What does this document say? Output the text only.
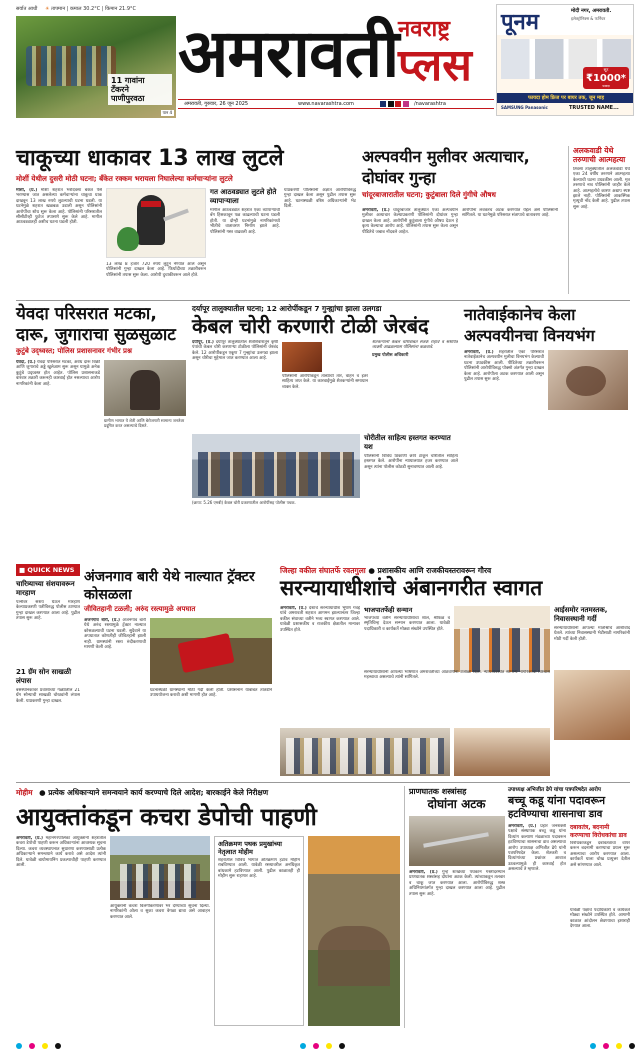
सर्वात आधी ☀ तापमान | कमाल 30.2°C | किमान 21.9°C
11 गावांना
टॅंकरने
पाणीपुरवठा
पान 4
अमरावती नवराष्ट्र
प्लस
पूनम	मोदी नगर, अमरावती.
इलेक्ट्रॉनिक्स & फर्निचर
सूट
₹1000*
फायदा
फायदा होम फ्रिज पर बायर तक, जून माह
SAMSUNG Panasonic	TRUSTED NAME...
अमरावती, गुरुवार, 26 जून 2025	www.navarashtra.com
	/navarashtra
चाकूच्या धाकावर 13 लाख लुटले
मोर्शी येथील दुसरी मोठी घटना; बॅंकेत रक्कम भरायला निघालेल्या कर्मचाऱ्यांना लुटले
मोर्शी, (प्र.) मोर्शी शहरात भरदिवसा बॅंकेत पैसे भरण्यास जात असलेल्या कर्मचाऱ्यांना चाकूचा धाक दाखवून 13 लाख रुपये लुटल्याची घटना घडली. या घटनेमुळे शहरात खळबळ उडाली असून पोलिसांनी आरोपींचा शोध सुरू केला आहे. पोलिसांनी परिसरातील सीसीटीव्ही फुटेज तपासणे सुरू केले आहे. मागील आठवड्यातही अशीच घटना घडली होती.
13 लाख 8 हजार 720 रुपये लुटून नेण्यात आले असून पोलिसांनी गुन्हा दाखल केला आहे. फिर्यादीच्या तक्रारीवरून पोलिसांनी तपास सुरू केला. आरोपी दुचाकीवरून आले होते.
गत आठवड्यात लुटले होते व्यापाऱ्याला
मागील आठवड्यात शहरात एका व्यापाऱ्याची बॅग हिसकावून पळ काढल्याची घटना घडली होती. या दोन्ही घटनांमुळे नागरिकांमध्ये भीतीचे वातावरण निर्माण झाले आहे. पोलिसांनी गस्त वाढवली आहे.
याप्रकरणी पोलिसांनी अज्ञात आरोपींविरुद्ध गुन्हा दाखल केला असून पुढील तपास सुरू आहे. घटनास्थळी वरिष्ठ अधिकाऱ्यांनी भेट दिली.
अल्पवयीन मुलीवर अत्याचार, दोघांवर गुन्हा
चांदूरबाजारातील घटना; कुटुंबाला दिले गुंगीचे औषध
अमरावती, (प्र.) चांदूरबाजार तालुक्यात एका अल्पवयीन मुलीवर अत्याचार केल्याप्रकरणी पोलिसांनी दोघांवर गुन्हा दाखल केला आहे. आरोपींनी कुटुंबाला गुंगीचे औषध देऊन हे कृत्य केल्याचा आरोप आहे. पोलिसांनी तपास सुरू केला असून पीडितेचे जबाब नोंदवले आहेत.
आरोपींना लवकरच अटक करण्यात येईल असे पोलिसांनी सांगितले. या घटनेमुळे परिसरात संतापाचे वातावरण आहे.
अलकवाडी येथे तरुणाची आत्महत्या
तिवसा तालुक्यातील अलकवाडी येथे एका 24 वर्षीय तरुणाने आत्महत्या केल्याची घटना उघडकीस आली. मृत तरुणाचे नाव पोलिसांनी जाहीर केले आहे. आत्महत्येचे कारण अद्याप स्पष्ट झाले नाही. पोलिसांनी आकस्मिक मृत्यूची नोंद केली आहे. पुढील तपास सुरू आहे.
दर्यापूर तालुक्यातील घटना; 12 आरोपींकडून 7 गुन्ह्यांचा झाला उलगडा
केबल चोरी करणारी टोळी जेरबंद
दर्यापूर, (प्र.) दर्यापूर तालुक्यातील शेतशिवारातून कृषी पंपांची केबल चोरी करणाऱ्या टोळीला पोलिसांनी जेरबंद केले. 12 आरोपींकडून एकूण 7 गुन्ह्यांचा उलगडा झाला असून चोरीचा मुद्देमाल जप्त करण्यात आला आहे.
पोलिसांनी आरोपींकडून तांब्याची तार, वाहन व इतर साहित्य जप्त केले. या कारवाईमुळे शेतकऱ्यांनी समाधान व्यक्त केले.
शेतकऱ्यांनी केबल चोरीबाबत सतर्क राहावे व संशयित व्यक्ती आढळल्यास पोलिसांना कळवावे.
प्रमुख पोलीस अधिकारी
(छाया: 5.26 एमबी) केबल चोरी प्रकरणातील आरोपींसह पोलीस पथक.
चोरीतील साहित्य हस्तगत करण्यात यश
पोलिसांनी विविध ठिकाणी छापे टाकून चोरीतील साहित्य हस्तगत केले. आरोपींना न्यायालयात हजर करण्यात आले असून त्यांना पोलीस कोठडी सुनावण्यात आली आहे.
येवदा परिसरात मटका,
दारू, जुगाराचा सुळसुळाट
कुटुंबे उद्ध्वस्त; पोलिस प्रशासनावर गंभीर प्रश्न
येवदा, (प्र.) येवदा परिसरात मटका, अवैध दारू विक्री आणि जुगाराचे अड्डे खुलेआम सुरू असून यामुळे अनेक कुटुंबे उद्ध्वस्त होत आहेत. पोलिस प्रशासनाकडे वारंवार तक्रारी करूनही कारवाई होत नसल्याचा आरोप नागरिकांनी केला आहे.
ग्रामीण भागात ये शेती आणि बेरोजगारी सामान्य जनतेवर प्रदूषित करत असल्याचे दिसते.
नातेवाईकानेच केला अल्पवयीनचा विनयभंग
अमरावती, (प्र.) शहरातील एका परिसरात नातेवाईकानेच अल्पवयीन मुलीचा विनयभंग केल्याची घटना उघडकीस आली. पीडितेच्या तक्रारीवरून पोलिसांनी आरोपीविरुद्ध पोक्सो अंतर्गत गुन्हा दाखल केला आहे. आरोपीला अटक करण्यात आली असून पुढील तपास सुरू आहे.
■ QUICK NEWS
चारित्र्याच्या संशयावरून मारहाण
पत्नीवर संशय घेऊन मारहाण केल्याप्रकरणी पतीविरुद्ध पोलीस ठाण्यात गुन्हा दाखल करण्यात आला आहे. पुढील तपास सुरू आहे.
21 ग्रॅम सोन साखळी लंपास
बसस्थानकावर प्रवाशाच्या गळ्यातील 21 ग्रॅम सोन्याची साखळी चोरट्यांनी लंपास केली. याप्रकरणी गुन्हा दाखल.
अंजनगाव बारी येथे नाल्यात ट्रॅक्टर कोसळला
जीवितहानी टळली; अरुंद रस्त्यामुळे अपघात
अंजनगाव बारी, (प्र.) अंजनगाव बारी येथे अरुंद रस्त्यामुळे ट्रॅक्टर नाल्यात कोसळल्याची घटना घडली. सुदैवाने या अपघातात कोणतीही जीवितहानी झाली नाही. ग्रामस्थांनी रस्ता रुंदीकरणाची मागणी केली आहे.
घटनास्थळी ग्रामस्थांनी मोठी गर्दी केली होती. प्रशासनाने याबाबत तातडीने उपाययोजना करावी अशी मागणी होत आहे.
जिल्हा वकील संघातर्फे रवतगुला ● प्रशासकीय आणि राजकीयस्तरावरून गौरव
सरन्यायाधीशांचे अंबानगरीत स्वागत
अमरावती, (प्र.) देशाचे सरन्यायाधीश भूषण गवई यांचे अमरावती शहरात आगमन झाल्यानंतर जिल्हा वकील संघाच्या वतीने भव्य स्वागत करण्यात आले. यावेळी प्रशासकीय व राजकीय क्षेत्रातील मान्यवर उपस्थित होते.
भाजपातर्फेही सन्मान
भाजपच्या वतीने सरन्यायाधीशांचा शाल, श्रीफळ व स्मृतिचिन्ह देऊन सन्मान करण्यात आला. यावेळी पदाधिकारी व कार्यकर्ते मोठ्या संख्येने उपस्थित होते.
सरन्यायाधीशांनी आपल्या भाषणात अमरावतीच्या आठवणींना उजाळा दिला. न्यायव्यवस्थेत सामान्य नागरिकांचा विश्वास महत्त्वाचा असल्याचे त्यांनी सांगितले.
आईसमोर नतमस्तक, निवासस्थानी गर्दी
सरन्यायाधीशांनी आपल्या मातोश्रींचे आशीर्वाद घेतले. त्यांच्या निवासस्थानी भेटीसाठी नागरिकांनी मोठी गर्दी केली होती.
मोहीम ● प्रत्येक अधिकाऱ्याने समन्वयाने कार्य करण्याचे दिले आदेश; बारकाईने केले निरीक्षण
आयुक्तांकडून कचरा डेपोची पाहणी
अमरावती, (प्र.) महानगरपालिका आयुक्तांनी शहरातील कचरा डेपोची पाहणी करून अधिकाऱ्यांना आवश्यक सूचना दिल्या. कचरा व्यवस्थापनात सुधारणा करण्यासाठी प्रत्येक अधिकाऱ्याने समन्वयाने कार्य करावे असे आदेश त्यांनी दिले. यावेळी बायोमायनिंग प्रकल्पाचीही पाहणी करण्यात आली.
आयुक्तांनी कचरा विलगीकरणावर भर देण्याच्या सूचना दिल्या. नागरिकांनी ओला व सुका कचरा वेगळा द्यावा असे आवाहन करण्यात आले.
अतिक्रमण पथक प्रमुखांच्या नेतृत्वात मोहीम
शहरातील विविध भागांत अतिक्रमण हटाव मोहीम राबविण्यात आली. यावेळी रस्त्यावरील अनधिकृत बांधकामे हटविण्यात आली. पुढील काळातही ही मोहीम सुरू राहणार आहे.
प्राणघातक शस्त्रांसह
दोघांना अटक
अमरावती, (प्र.) गुन्हे शाखेच्या पथकाने गस्तीदरम्यान प्राणघातक शस्त्रांसह दोघांना अटक केली. त्यांच्याकडून तलवार व चाकू जप्त करण्यात आला. आरोपींविरुद्ध शस्त्र अधिनियमांतर्गत गुन्हा दाखल करण्यात आला आहे. पुढील तपास सुरू आहे.
उपाध्यक्ष अभिजीत ढेपे यांचा पत्रपरिषदेत आरोप
बच्चू कडू यांना पदावरून
हटविण्याचा शासनाचा डाव
अमरावती, (प्र.) प्रहार जनशक्ती पक्षाचे संस्थापक बच्चू कडू यांना दिव्यांग कल्याण मंडळाच्या पदावरून हटविण्याचा शासनाचा डाव असल्याचा आरोप उपाध्यक्ष अभिजीत ढेपे यांनी पत्रपरिषदेत केला. शेतकरी व दिव्यांगांच्या प्रश्नांवर आवाज उठवल्यामुळे ही कारवाई होत असल्याचे ते म्हणाले.
दबावतंत्र, बदनामी करण्याचा विरोधकांचा डाव
विरोधकांकडून दबावतंत्राचा वापर करून बदनामी करण्याचा प्रयत्न सुरू असल्याचा आरोप करण्यात आला. कार्यकर्ते याला चोख प्रत्युत्तर देतील असे सांगण्यात आले.
यावेळी पक्षाचे पदाधिकारी व कार्यकर्ते मोठ्या संख्येने उपस्थित होते. आगामी काळात आंदोलन छेडण्याचा इशाराही देण्यात आला.
